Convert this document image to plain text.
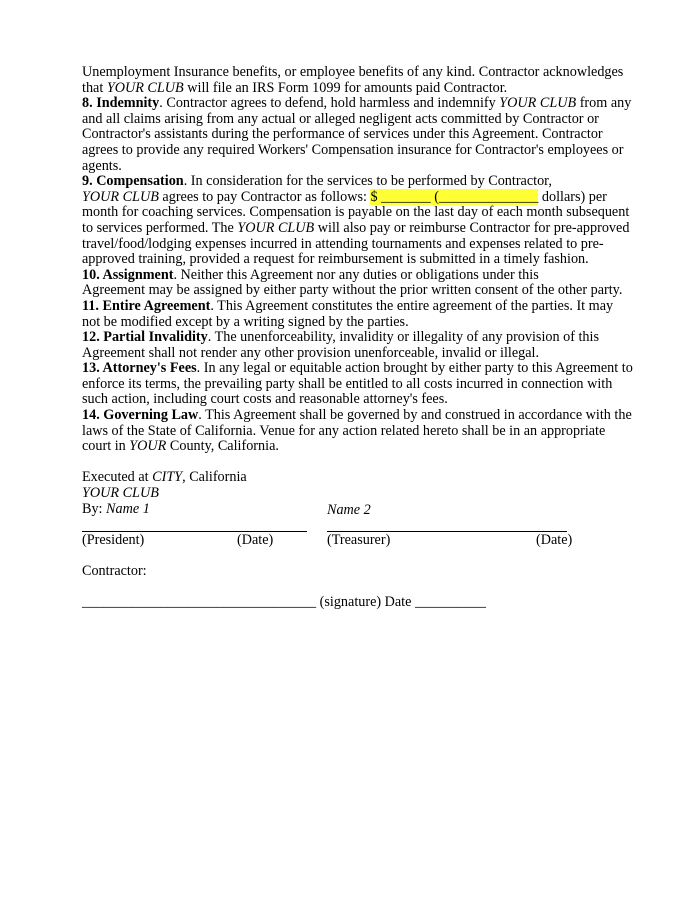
Unemployment Insurance benefits, or employee benefits of any kind. Contractor acknowledges
that YOUR CLUB will file an IRS Form 1099 for amounts paid Contractor.
8. Indemnity. Contractor agrees to defend, hold harmless and indemnify YOUR CLUB from any
and all claims arising from any actual or alleged negligent acts committed by Contractor or
Contractor's assistants during the performance of services under this Agreement. Contractor
agrees to provide any required Workers' Compensation insurance for Contractor's employees or
agents.
9. Compensation. In consideration for the services to be performed by Contractor,
YOUR CLUB agrees to pay Contractor as follows: $ _______ (______________ dollars) per
month for coaching services. Compensation is payable on the last day of each month subsequent
to services performed. The YOUR CLUB will also pay or reimburse Contractor for pre-approved
travel/food/lodging expenses incurred in attending tournaments and expenses related to pre-
approved training, provided a request for reimbursement is submitted in a timely fashion.
10. Assignment. Neither this Agreement nor any duties or obligations under this
Agreement may be assigned by either party without the prior written consent of the other party.
11. Entire Agreement. This Agreement constitutes the entire agreement of the parties. It may
not be modified except by a writing signed by the parties.
12. Partial Invalidity. The unenforceability, invalidity or illegality of any provision of this
Agreement shall not render any other provision unenforceable, invalid or illegal.
13. Attorney's Fees. In any legal or equitable action brought by either party to this Agreement to
enforce its terms, the prevailing party shall be entitled to all costs incurred in connection with
such action, including court costs and reasonable attorney's fees.
14. Governing Law. This Agreement shall be governed by and construed in accordance with the
laws of the State of California. Venue for any action related hereto shall be in an appropriate
court in YOUR County, California.
Executed at CITY, California
YOUR CLUB
By: Name 1	Name 2
(President)	(Date)	(Treasurer)	(Date)
Contractor:
_________________________________ (signature) Date __________
